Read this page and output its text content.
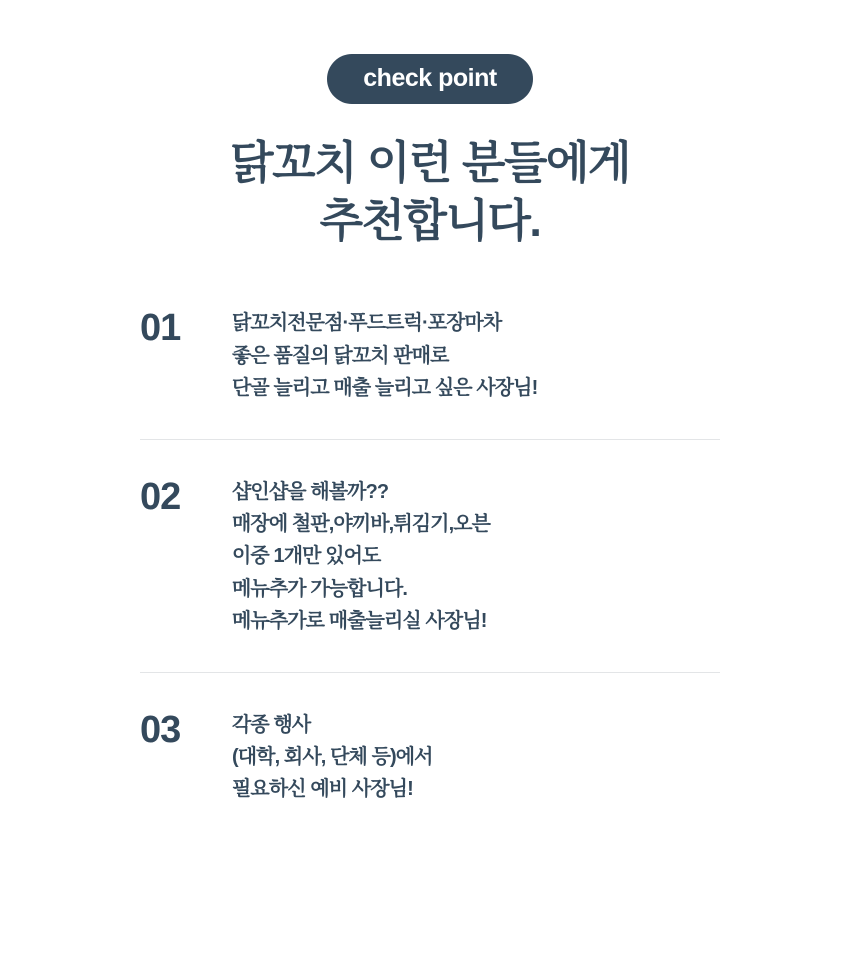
check point
닭꼬치 이런 분들에게
추천합니다.
01	닭꼬치전문점·푸드트럭·포장마차
좋은 품질의 닭꼬치 판매로
단골 늘리고 매출 늘리고 싶은 사장님!
02	샵인샵을 해볼까??
매장에 철판,야끼바,튀김기,오븐
이중 1개만 있어도
메뉴추가 가능합니다.
메뉴추가로 매출늘리실 사장님!
03	각종 행사
(대학, 회사, 단체 등)에서
필요하신 예비 사장님!
